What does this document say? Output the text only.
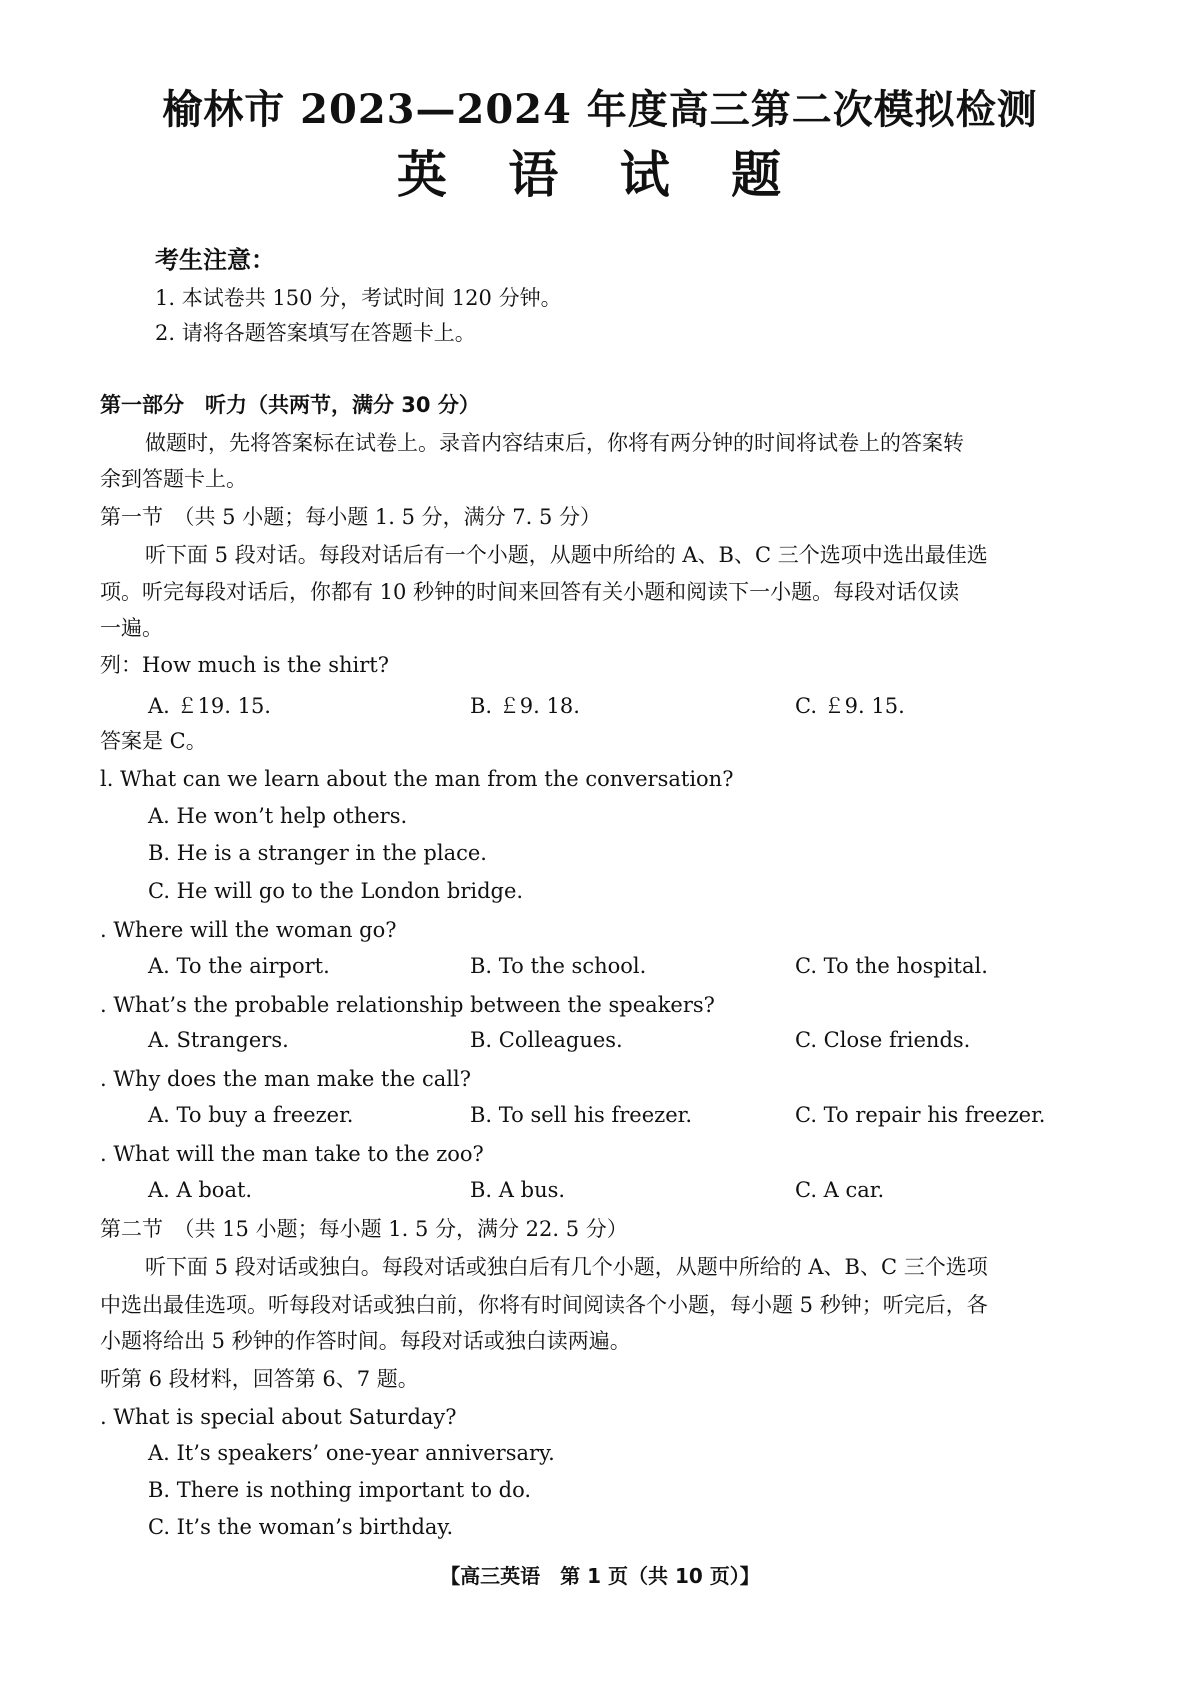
榆林市 2023—2024 年度高三第二次模拟检测
英 语 试 题
考生注意：
1. 本试卷共 150 分，考试时间 120 分钟。
2. 请将各题答案填写在答题卡上。
第一部分　听力（共两节，满分 30 分）
做题时，先将答案标在试卷上。录音内容结束后，你将有两分钟的时间将试卷上的答案转
余到答题卡上。
第一节　（共 5 小题；每小题 1. 5 分，满分 7. 5 分）
听下面 5 段对话。每段对话后有一个小题，从题中所给的 A、B、C 三个选项中选出最佳选
项。听完每段对话后，你都有 10 秒钟的时间来回答有关小题和阅读下一小题。每段对话仅读
一遍。
列：How much is the shirt?
A. ￡19. 15.	B. ￡9. 18.	C. ￡9. 15.
答案是 C。
l. What can we learn about the man from the conversation?
A. He won’t help others.
B. He is a stranger in the place.
C. He will go to the London bridge.
. Where will the woman go?
A. To the airport.	B. To the school.	C. To the hospital.
. What’s the probable relationship between the speakers?
A. Strangers.	B. Colleagues.	C. Close friends.
. Why does the man make the call?
A. To buy a freezer.	B. To sell his freezer.	C. To repair his freezer.
. What will the man take to the zoo?
A. A boat.	B. A bus.	C. A car.
第二节　（共 15 小题；每小题 1. 5 分，满分 22. 5 分）
听下面 5 段对话或独白。每段对话或独白后有几个小题，从题中所给的 A、B、C 三个选项
中选出最佳选项。听每段对话或独白前，你将有时间阅读各个小题，每小题 5 秒钟；听完后，各
小题将给出 5 秒钟的作答时间。每段对话或独白读两遍。
听第 6 段材料，回答第 6、7 题。
. What is special about Saturday?
A. It’s speakers’ one-year anniversary.
B. There is nothing important to do.
C. It’s the woman’s birthday.
【高三英语　第 1 页（共 10 页）】
